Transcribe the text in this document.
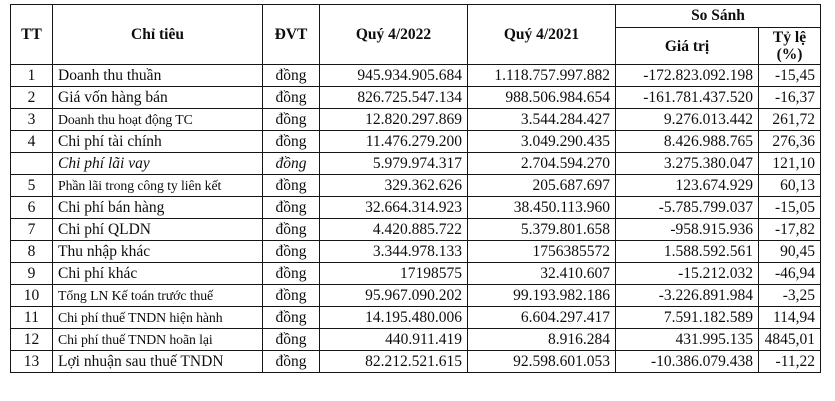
TT	Chỉ tiêu	ĐVT	Quý 4/2022	Quý 4/2021	So Sánh	
					Giá trị	Tỷ lệ
(%)

1	Doanh thu thuần	đồng	945.934.905.684	1.118.757.997.882	-172.823.092.198	-15,45
2	Giá vốn hàng bán	đồng	826.725.547.134	988.506.984.654	-161.781.437.520	-16,37
3	Doanh thu hoạt động TC	đồng	12.820.297.869	3.544.284.427	9.276.013.442	261,72
4	Chi phí tài chính	đồng	11.476.279.200	3.049.290.435	8.426.988.765	276,36
	Chi phí lãi vay	đồng	5.979.974.317	2.704.594.270	3.275.380.047	121,10
5	Phần lãi trong công ty liên kết	đồng	329.362.626	205.687.697	123.674.929	60,13
6	Chi phí bán hàng	đồng	32.664.314.923	38.450.113.960	-5.785.799.037	-15,05
7	Chi phí QLDN	đồng	4.420.885.722	5.379.801.658	-958.915.936	-17,82
8	Thu nhập khác	đồng	3.344.978.133	1756385572	1.588.592.561	90,45
9	Chi phí khác	đồng	17198575	32.410.607	-15.212.032	-46,94
10	Tổng LN Kế toán trước thuế	đồng	95.967.090.202	99.193.982.186	-3.226.891.984	-3,25
11	Chi phí thuế TNDN hiện hành	đồng	14.195.480.006	6.604.297.417	7.591.182.589	114,94
12	Chi phí thuế TNDN hoãn lại	đồng	440.911.419	8.916.284	431.995.135	4845,01
13	Lợi nhuận sau thuế TNDN	đồng	82.212.521.615	92.598.601.053	-10.386.079.438	-11,22
